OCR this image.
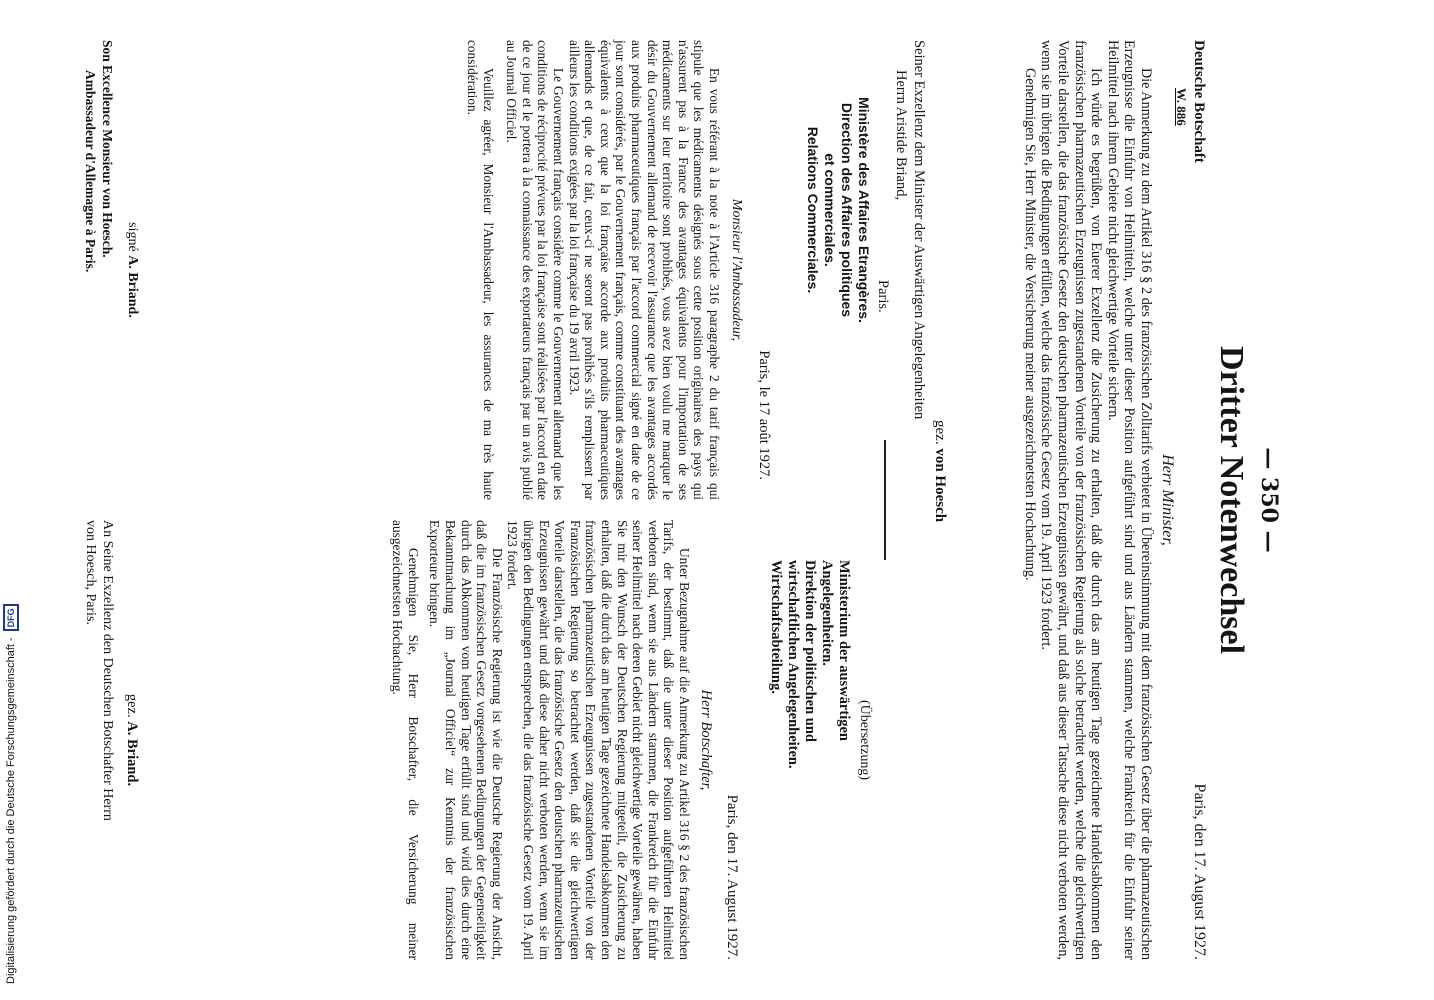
— 350 —
Dritter Notenwechsel
Deutsche Botschaft
W. 886
Paris, den 17. August 1927.
Herr Minister,

Die Anmerkung zu dem Artikel 316 § 2 des französischen Zolltarifs verbietet in Übereinstimmung mit dem französischen Gesetz über die pharmazeutischen Erzeugnisse die Einfuhr von Heilmitteln, welche unter dieser Position aufgeführt sind und aus Ländern stammen, welche Frankreich für die Einfuhr seiner Heilmittel nach ihrem Gebiete nicht gleichwertige Vorteile sichern.

Ich würde es begrüßen, von Euerer Exzellenz die Zusicherung zu erhalten, daß die durch das am heutigen Tage gezeichnete Handelsabkommen den französischen pharmazeutischen Erzeugnissen zugestandenen Vorteile von der französischen Regierung als solche betrachtet werden, welche die gleichwertigen Vorteile darstellen, die das französische Gesetz den deutschen pharmazeutischen Erzeugnissen gewährt, und daß aus dieser Tatsache diese nicht verboten werden, wenn sie im übrigen die Bedingungen erfüllen, welche das französische Gesetz vom 19. April 1923 fordert.

Genehmigen Sie, Herr Minister, die Versicherung meiner ausgezeichnetsten Hochachtung.

gez. von Hoesch
Seiner Exzellenz dem Minister der Auswärtigen Angelegenheiten
Herrn Aristide Briand,
Paris.
Ministère des Affaires Etrangères.
Direction des Affaires politiques
et commerciales.
Relations Commerciales.
Paris, le 17 août 1927.
Monsieur l'Ambassadeur,

En vous référant à la note à l'Article 316 paragraphe 2 du tarif français qui stipule que les médicaments désignés sous cette position originaires des pays qui n'assurent pas à la France des avantages équivalents pour l'importation de ses médicaments sur leur territoire sont prohibés, vous avez bien voulu me marquer le désir du Gouvernement allemand de recevoir l'assurance que les avantages accordés aux produits pharmaceutiques français par l'accord commercial signé en date de ce jour sont considérés, par le Gouvernement français, comme constituant des avantages équivalents à ceux que la loi française accorde aux produits pharmaceutiques allemands et que, de ce fait, ceux-ci ne seront pas prohibés s'ils remplissent par ailleurs les conditions exigées par la loi française du 19 avril 1923.

Le Gouvernement français considère comme le Gouvernement allemand que les conditions de réciprocité prévues par la loi française sont réalisées par l'accord en date de ce jour et le portera à la connaissance des exportateurs français par un avis publié au Journal Officiel.

Veuillez agréer, Monsieur l'Ambassadeur, les assurances de ma très haute considération.

signé A. Briand.
Son Excellence Monsieur von Hoesch.
Ambassadeur d'Allemagne à Paris.
(Übersetzung)
Ministerium der auswärtigen Angelegenheiten.
Direktion der politischen und wirtschaftlichen Angelegenheiten.
Wirtschaftsabteilung.
Paris, den 17. August 1927.
Herr Botschafter,

Unter Bezugnahme auf die Anmerkung zu Artikel 316 § 2 des französischen Tarifs, der bestimmt, daß die unter dieser Position aufgeführten Heilmittel verboten sind, wenn sie aus Ländern stammen, die Frankreich für die Einfuhr seiner Heilmittel nach deren Gebiet nicht gleichwertige Vorteile gewähren, haben Sie mir den Wunsch der Deutschen Regierung mitgeteilt, die Zusicherung zu erhalten, daß die durch das am heutigen Tage gezeichnete Handelsabkommen den französischen pharmazeutischen Erzeugnissen zugestandenen Vorteile von der Französischen Regierung so betrachtet werden, daß sie die gleichwertigen Vorteile darstellen, die das französische Gesetz den deutschen pharmazeutischen Erzeugnissen gewährt und daß diese daher nicht verboten werden, wenn sie im übrigen den Bedingungen entsprechen, die das französische Gesetz vom 19. April 1923 fordert.

Die Französische Regierung ist wie die Deutsche Regierung der Ansicht, daß die im französischen Gesetz vorgesehenen Bedingungen der Gegenseitigkeit durch das Abkommen vom heutigen Tage erfüllt sind und wird dies durch eine Bekanntmachung im „Journal Officiel“ zur Kenntnis der französischen Exporteure bringen.

Genehmigen Sie, Herr Botschafter, die Versicherung meiner ausgezeichnetsten Hochachtung.

gez. A. Briand.
An Seine Exzellenz den Deutschen Botschafter Herrn
von Hoesch, Paris.
Digitalisierung gefördert durch die Deutsche Forschungsgemeinschaft -
DFG
